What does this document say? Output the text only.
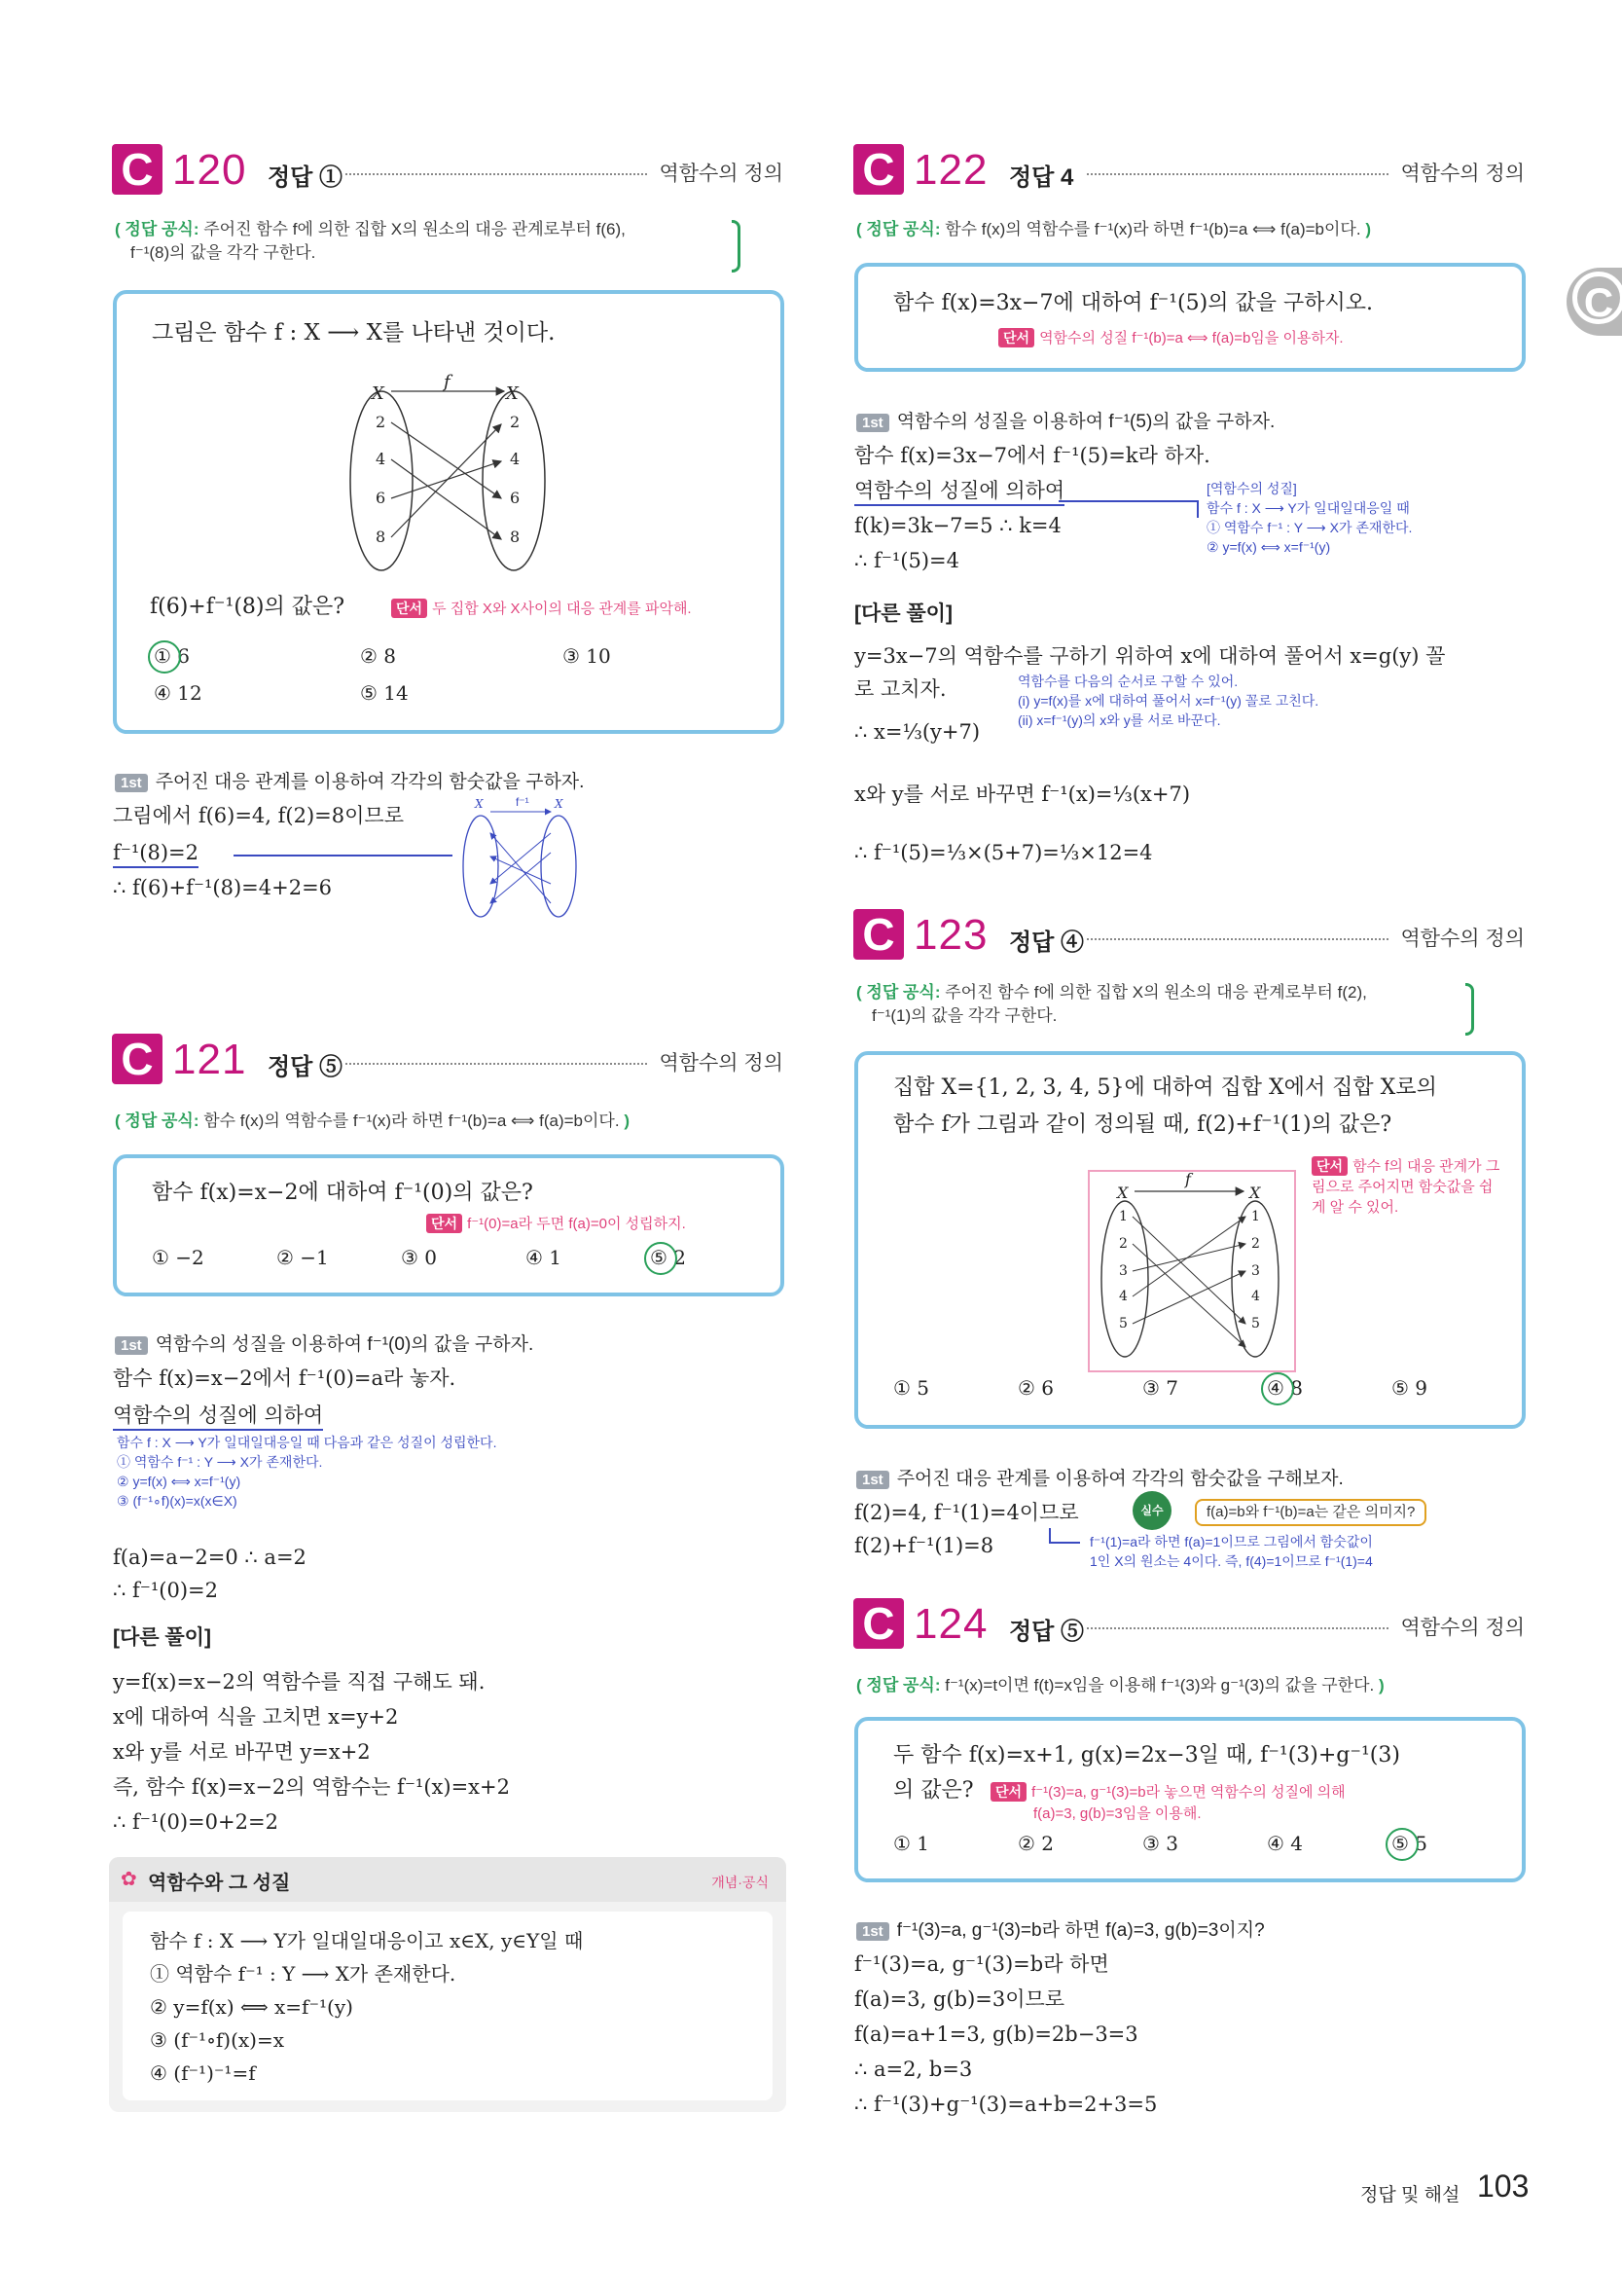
C
C 120 정답 ①	역함수의 정의
( 정답 공식: 주어진 함수 f에 의한 집합 X의 원소의 대응 관계로부터 f(6),
f⁻¹(8)의 값을 각각 구한다.
그림은 함수 f : X ⟶ X를 나타낸 것이다.
f
X	X
2
4
6
8
2
4
6
8
f(6)+f⁻¹(8)의 값은?	단서 두 집합 X와 X사이의 대응 관계를 파악해.
① 6	② 8	③ 10
④ 12	⑤ 14
1st 주어진 대응 관계를 이용하여 각각의 함숫값을 구하자.
그림에서 f(6)=4, f(2)=8이므로
f⁻¹(8)=2
∴ f(6)+f⁻¹(8)=4+2=6
X	X
f⁻¹
C 121 정답 ⑤	역함수의 정의
( 정답 공식: 함수 f(x)의 역함수를 f⁻¹(x)라 하면 f⁻¹(b)=a ⟺ f(a)=b이다. )
함수 f(x)=x−2에 대하여 f⁻¹(0)의 값은?
단서 f⁻¹(0)=a라 두면 f(a)=0이 성립하지.
① −2	② −1	③ 0	④ 1	⑤ 2
1st 역함수의 성질을 이용하여 f⁻¹(0)의 값을 구하자.
함수 f(x)=x−2에서 f⁻¹(0)=a라 놓자.
역함수의 성질에 의하여
함수 f : X ⟶ Y가 일대일대응일 때 다음과 같은 성질이 성립한다.
① 역함수 f⁻¹ : Y ⟶ X가 존재한다.
② y=f(x) ⟺ x=f⁻¹(y)
③ (f⁻¹∘f)(x)=x(x∈X)
f(a)=a−2=0 ∴ a=2
∴ f⁻¹(0)=2
[다른 풀이]
y=f(x)=x−2의 역함수를 직접 구해도 돼.
x에 대하여 식을 고치면 x=y+2
x와 y를 서로 바꾸면 y=x+2
즉, 함수 f(x)=x−2의 역함수는 f⁻¹(x)=x+2
∴ f⁻¹(0)=0+2=2
✿ 역함수와 그 성질	개념·공식
함수 f : X ⟶ Y가 일대일대응이고 x∈X, y∈Y일 때
① 역함수 f⁻¹ : Y ⟶ X가 존재한다.
② y=f(x) ⟺ x=f⁻¹(y)
③ (f⁻¹∘f)(x)=x
④ (f⁻¹)⁻¹=f
C 122 정답 4	역함수의 정의
( 정답 공식: 함수 f(x)의 역함수를 f⁻¹(x)라 하면 f⁻¹(b)=a ⟺ f(a)=b이다. )
함수 f(x)=3x−7에 대하여 f⁻¹(5)의 값을 구하시오.
단서 역함수의 성질 f⁻¹(b)=a ⟺ f(a)=b임을 이용하자.
1st 역함수의 성질을 이용하여 f⁻¹(5)의 값을 구하자.
함수 f(x)=3x−7에서 f⁻¹(5)=k라 하자.
역함수의 성질에 의하여
f(k)=3k−7=5 ∴ k=4
∴ f⁻¹(5)=4
[역함수의 성질]
함수 f : X ⟶ Y가 일대일대응일 때
① 역함수 f⁻¹ : Y ⟶ X가 존재한다.
② y=f(x) ⟺ x=f⁻¹(y)
[다른 풀이]
y=3x−7의 역함수를 구하기 위하여 x에 대하여 풀어서 x=g(y) 꼴
로 고치자.	역함수를 다음의 순서로 구할 수 있어.
(i) y=f(x)를 x에 대하여 풀어서 x=f⁻¹(y) 꼴로 고친다.
(ii) x=f⁻¹(y)의 x와 y를 서로 바꾼다.
∴ x=⅓(y+7)
x와 y를 서로 바꾸면 f⁻¹(x)=⅓(x+7)
∴ f⁻¹(5)=⅓×(5+7)=⅓×12=4
C 123 정답 ④	역함수의 정의
( 정답 공식: 주어진 함수 f에 의한 집합 X의 원소의 대응 관계로부터 f(2),
f⁻¹(1)의 값을 각각 구한다.
집합 X={1, 2, 3, 4, 5}에 대하여 집합 X에서 집합 X로의
함수 f가 그림과 같이 정의될 때, f(2)+f⁻¹(1)의 값은?
f
X	X
1
2
3
4
5
1
2
3
4
5
단서 함수 f의 대응 관계가 그림으로 주어지면 함숫값을 쉽게 알 수 있어.
① 5	② 6	③ 7	④ 8	⑤ 9
1st 주어진 대응 관계를 이용하여 각각의 함숫값을 구해보자.
f(2)=4, f⁻¹(1)=4이므로	실수	f(a)=b와 f⁻¹(b)=a는 같은 의미지?
f(2)+f⁻¹(1)=8	f⁻¹(1)=a라 하면 f(a)=1이므로 그림에서 함숫값이
1인 X의 원소는 4이다. 즉, f(4)=1이므로 f⁻¹(1)=4
C 124 정답 ⑤	역함수의 정의
( 정답 공식: f⁻¹(x)=t이면 f(t)=x임을 이용해 f⁻¹(3)와 g⁻¹(3)의 값을 구한다. )
두 함수 f(x)=x+1, g(x)=2x−3일 때, f⁻¹(3)+g⁻¹(3)
의 값은?	단서 f⁻¹(3)=a, g⁻¹(3)=b라 놓으면 역함수의 성질에 의해
f(a)=3, g(b)=3임을 이용해.
① 1	② 2	③ 3	④ 4	⑤ 5
1st f⁻¹(3)=a, g⁻¹(3)=b라 하면 f(a)=3, g(b)=3이지?
f⁻¹(3)=a, g⁻¹(3)=b라 하면
f(a)=3, g(b)=3이므로
f(a)=a+1=3, g(b)=2b−3=3
∴ a=2, b=3
∴ f⁻¹(3)+g⁻¹(3)=a+b=2+3=5
정답 및 해설 103
